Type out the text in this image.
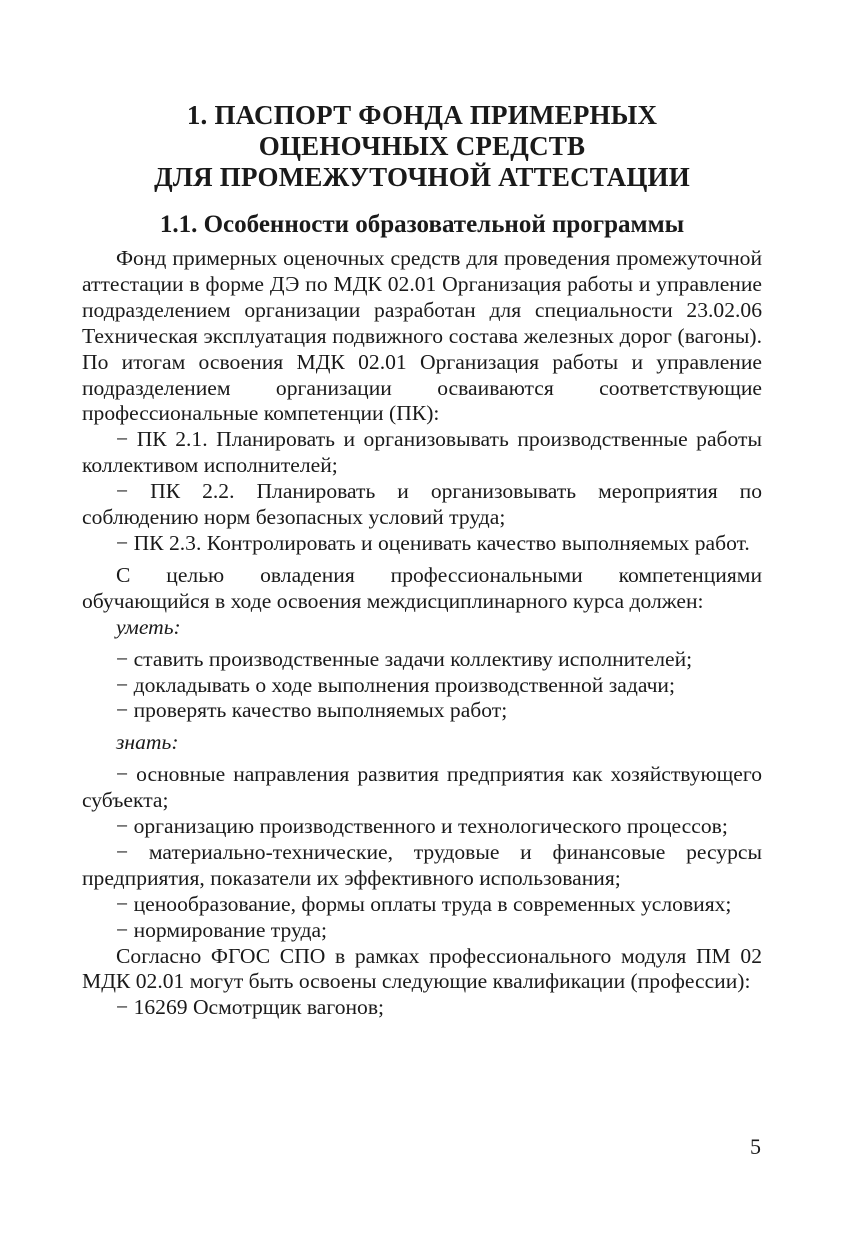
1. ПАСПОРТ ФОНДА ПРИМЕРНЫХ
ОЦЕНОЧНЫХ СРЕДСТВ
ДЛЯ ПРОМЕЖУТОЧНОЙ АТТЕСТАЦИИ
1.1. Особенности образовательной программы

Фонд примерных оценочных средств для проведения промежуточной аттестации в форме ДЭ по МДК 02.01 Организация работы и управление подразделением организации разработан для специальности 23.02.06 Техническая эксплуатация подвижного состава железных дорог (вагоны). По итогам освоения МДК 02.01 Организация работы и управление подразделением организации осваиваются соответствующие профессиональные компетенции (ПК):

− ПК 2.1. Планировать и организовывать производственные работы коллективом исполнителей;

− ПК 2.2. Планировать и организовывать мероприятия по соблюдению норм безопасных условий труда;

− ПК 2.3. Контролировать и оценивать качество выполняемых работ.

С целью овладения профессиональными компетенциями обучающийся в ходе освоения междисциплинарного курса должен:

уметь:

− ставить производственные задачи коллективу исполнителей;

− докладывать о ходе выполнения производственной задачи;

− проверять качество выполняемых работ;

знать:

− основные направления развития предприятия как хозяйствующего субъекта;

− организацию производственного и технологического процессов;

− материально-технические, трудовые и финансовые ресурсы предприятия, показатели их эффективного использования;

− ценообразование, формы оплаты труда в современных условиях;

− нормирование труда;

Согласно ФГОС СПО в рамках профессионального модуля ПМ 02 МДК 02.01 могут быть освоены следующие квалификации (профессии):

− 16269 Осмотрщик вагонов;

5
